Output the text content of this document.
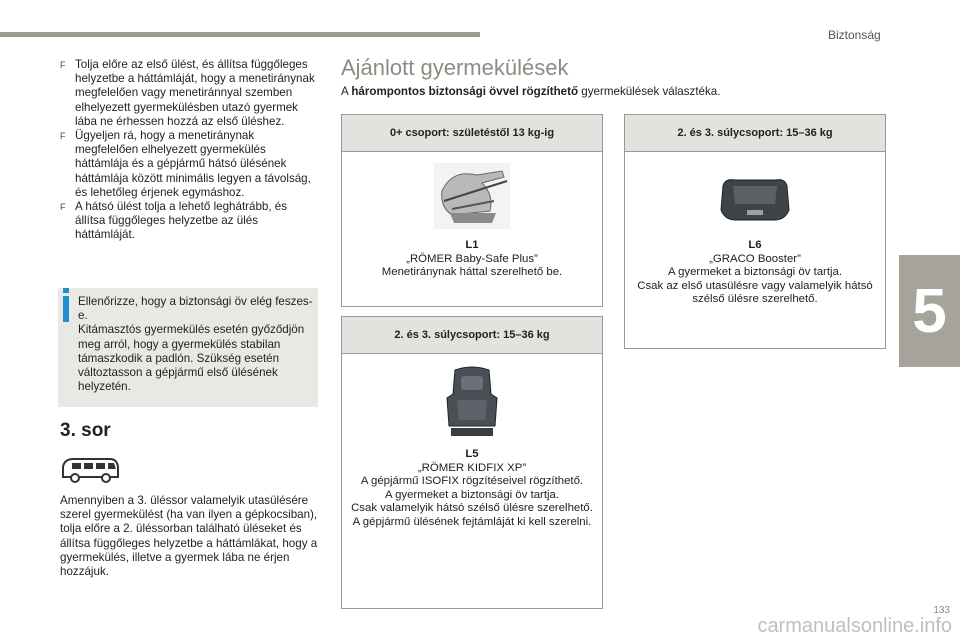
Biztonság
5

F Tolja előre az első ülést, és állítsa függőleges helyzetbe a háttámláját, hogy a menetiránynak megfelelően vagy menetiránnyal szemben elhelyezett gyermekülésben utazó gyermek lába ne érhessen hozzá az első üléshez.

F Ügyeljen rá, hogy a menetiránynak megfelelően elhelyezett gyermekülés háttámlája és a gépjármű hátsó ülésének háttámlája között minimális legyen a távolság, és lehetőleg érjenek egymáshoz.

F A hátsó ülést tolja a lehető leghátrább, és állítsa függőleges helyzetbe az ülés háttámláját.

Ellenőrizze, hogy a biztonsági öv elég feszes-e.
Kitámasztós gyermekülés esetén győződjön meg arról, hogy a gyermekülés stabilan támaszkodik a padlón. Szükség esetén változtasson a gépjármű első ülésének helyzetén.
3. sor
Amennyiben a 3. üléssor valamelyik utasülésére szerel gyermekülést (ha van ilyen a gépkocsiban), tolja előre a 2. üléssorban található üléseket és állítsa függőleges helyzetbe a háttámlákat, hogy a gyermekülés, illetve a gyermek lába ne érjen hozzájuk.
Ajánlott gyermekülések
A hárompontos biztonsági övvel rögzíthető gyermekülések választéka.
0+ csoport: születéstől 13 kg-ig
L1
„RÖMER Baby-Safe Plus”
Menetiránynak háttal szerelhető be.
2. és 3. súlycsoport: 15–36 kg
L5
„RÖMER KIDFIX XP”
A gépjármű ISOFIX rögzítéseivel rögzíthető.
A gyermeket a biztonsági öv tartja.
Csak valamelyik hátsó szélső ülésre szerelhető.
A gépjármű ülésének fejtámláját ki kell szerelni.
2. és 3. súlycsoport: 15–36 kg
L6
„GRACO Booster”
A gyermeket a biztonsági öv tartja.
Csak az első utasülésre vagy valamelyik hátsó szélső ülésre szerelhető.
carmanualsonline.info
133
